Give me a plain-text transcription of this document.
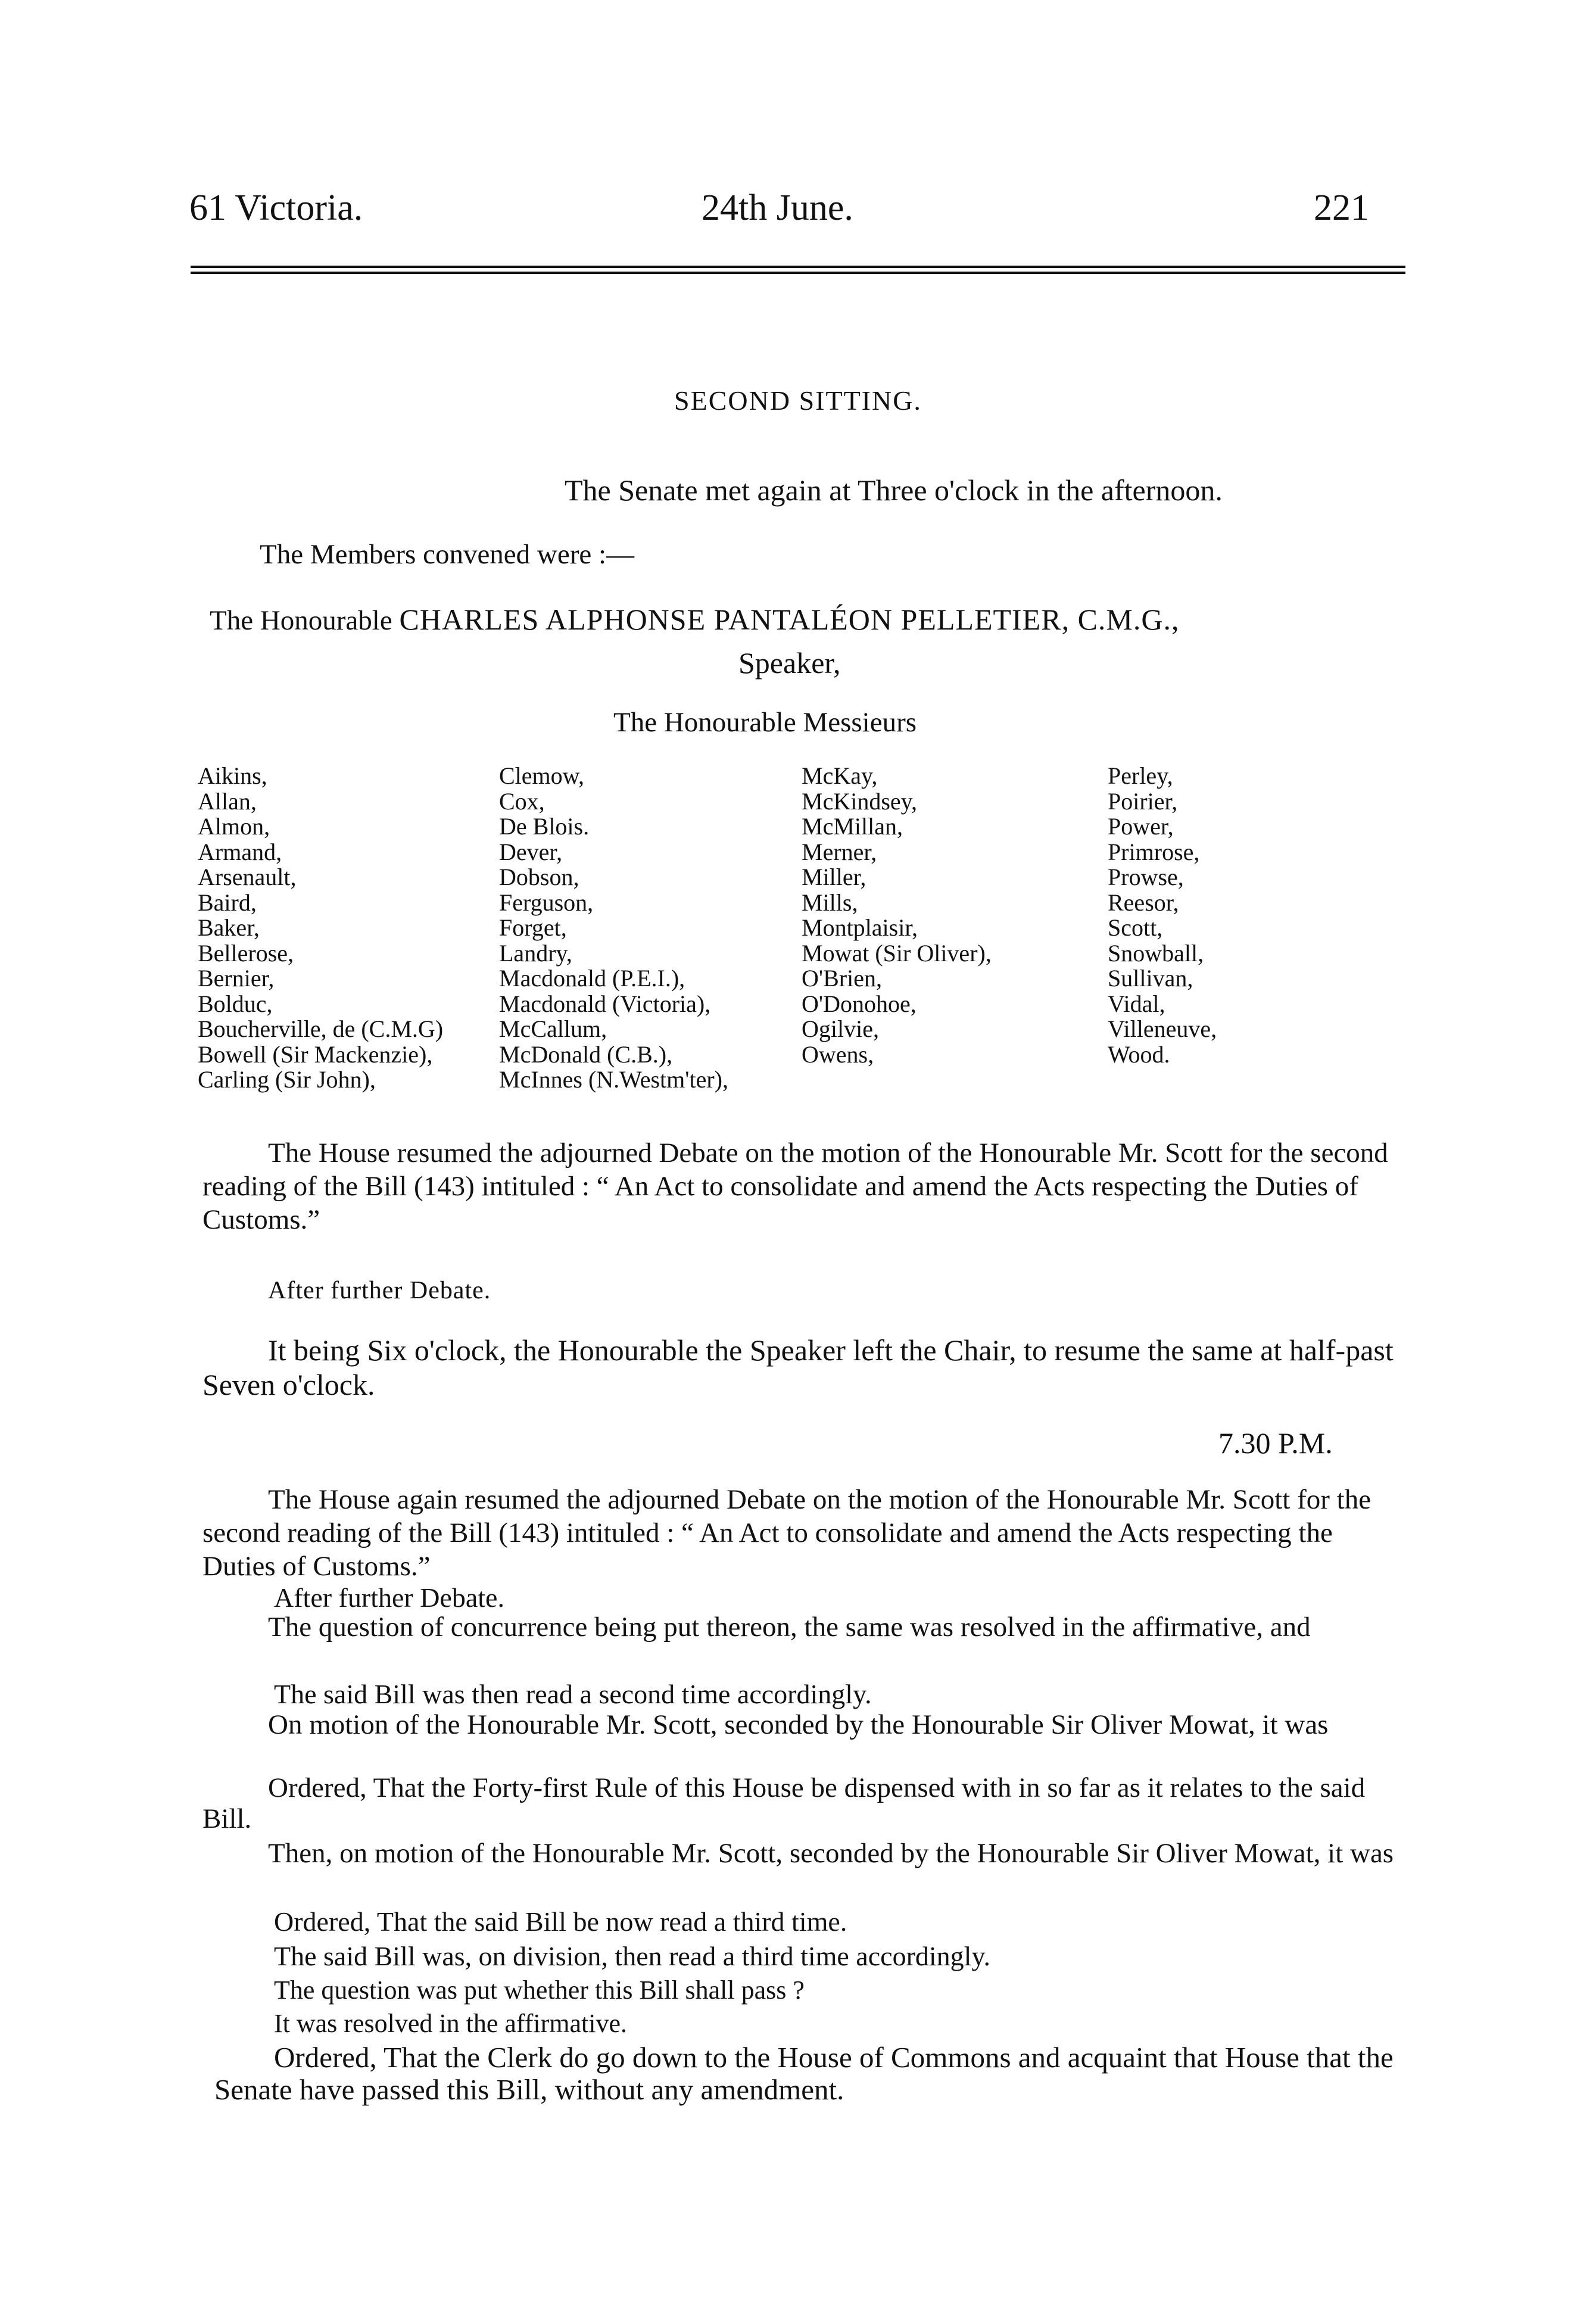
61 Victoria.	24th June.	221
SECOND SITTING.
The Senate met again at Three o'clock in the afternoon.
The Members convened were :—
The Honourable CHARLES ALPHONSE PANTALÉON PELLETIER, C.M.G.,
Speaker,
The Honourable Messieurs
Aikins,
Allan,
Almon,
Armand,
Arsenault,
Baird,
Baker,
Bellerose,
Bernier,
Bolduc,
Boucherville, de (C.M.G)
Bowell (Sir Mackenzie),
Carling (Sir John),
Clemow,
Cox,
De Blois.
Dever,
Dobson,
Ferguson,
Forget,
Landry,
Macdonald (P.E.I.),
Macdonald (Victoria),
McCallum,
McDonald (C.B.),
McInnes (N.Westm'ter),
McKay,
McKindsey,
McMillan,
Merner,
Miller,
Mills,
Montplaisir,
Mowat (Sir Oliver),
O'Brien,
O'Donohoe,
Ogilvie,
Owens,
Perley,
Poirier,
Power,
Primrose,
Prowse,
Reesor,
Scott,
Snowball,
Sullivan,
Vidal,
Villeneuve,
Wood.
The House resumed the adjourned Debate on the motion of the Honourable Mr. Scott for the second reading of the Bill (143) intituled : “ An Act to consolidate and amend the Acts respecting the Duties of Customs.”
After further Debate.
It being Six o'clock, the Honourable the Speaker left the Chair, to resume the same at half-past Seven o'clock.
7.30 P.M.
The House again resumed the adjourned Debate on the motion of the Honourable Mr. Scott for the second reading of the Bill (143) intituled : “ An Act to consolidate and amend the Acts respecting the Duties of Customs.”
After further Debate.
The question of concurrence being put thereon, the same was resolved in the affirmative, and
The said Bill was then read a second time accordingly.
On motion of the Honourable Mr. Scott, seconded by the Honourable Sir Oliver Mowat, it was
Ordered, That the Forty-first Rule of this House be dispensed with in so far as it relates to the said Bill.
Then, on motion of the Honourable Mr. Scott, seconded by the Honourable Sir Oliver Mowat, it was
Ordered, That the said Bill be now read a third time.
The said Bill was, on division, then read a third time accordingly.
The question was put whether this Bill shall pass ?
It was resolved in the affirmative.
Ordered, That the Clerk do go down to the House of Commons and acquaint that House that the Senate have passed this Bill, without any amendment.
